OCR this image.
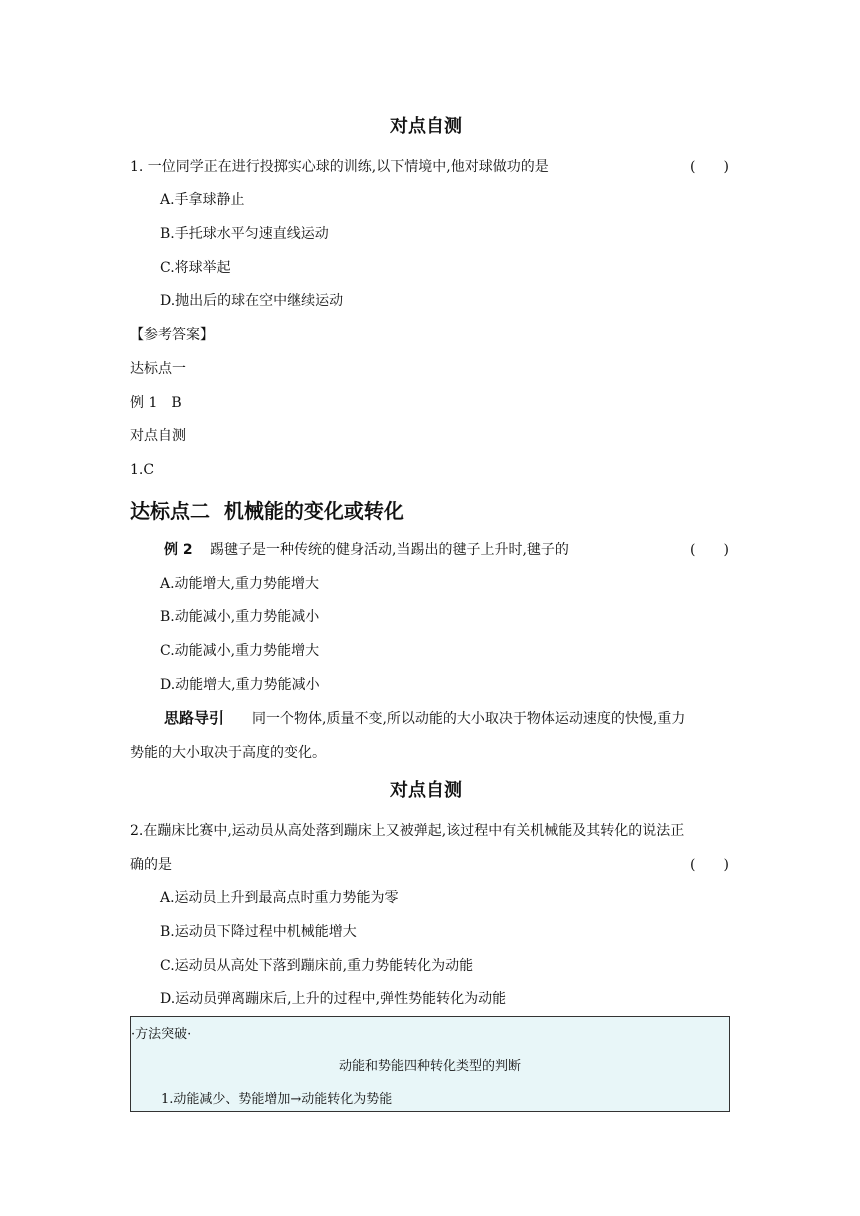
对点自测
1. 一位同学正在进行投掷实心球的训练,以下情境中,他对球做功的是	(　　)
A.手拿球静止
B.手托球水平匀速直线运动
C.将球举起
D.抛出后的球在空中继续运动
【参考答案】
达标点一
例 1　B
对点自测
1.C
达标点二  机械能的变化或转化
例 2 踢毽子是一种传统的健身活动,当踢出的毽子上升时,毽子的	(　　)
A.动能增大,重力势能增大
B.动能减小,重力势能减小
C.动能减小,重力势能增大
D.动能增大,重力势能减小
思路导引 同一个物体,质量不变,所以动能的大小取决于物体运动速度的快慢,重力
势能的大小取决于高度的变化。
对点自测
2.在蹦床比赛中,运动员从高处落到蹦床上又被弹起,该过程中有关机械能及其转化的说法正
确的是	(　　)
A.运动员上升到最高点时重力势能为零
B.运动员下降过程中机械能增大
C.运动员从高处下落到蹦床前,重力势能转化为动能
D.运动员弹离蹦床后,上升的过程中,弹性势能转化为动能
·方法突破·
动能和势能四种转化类型的判断
1.动能减少、势能增加→动能转化为势能
